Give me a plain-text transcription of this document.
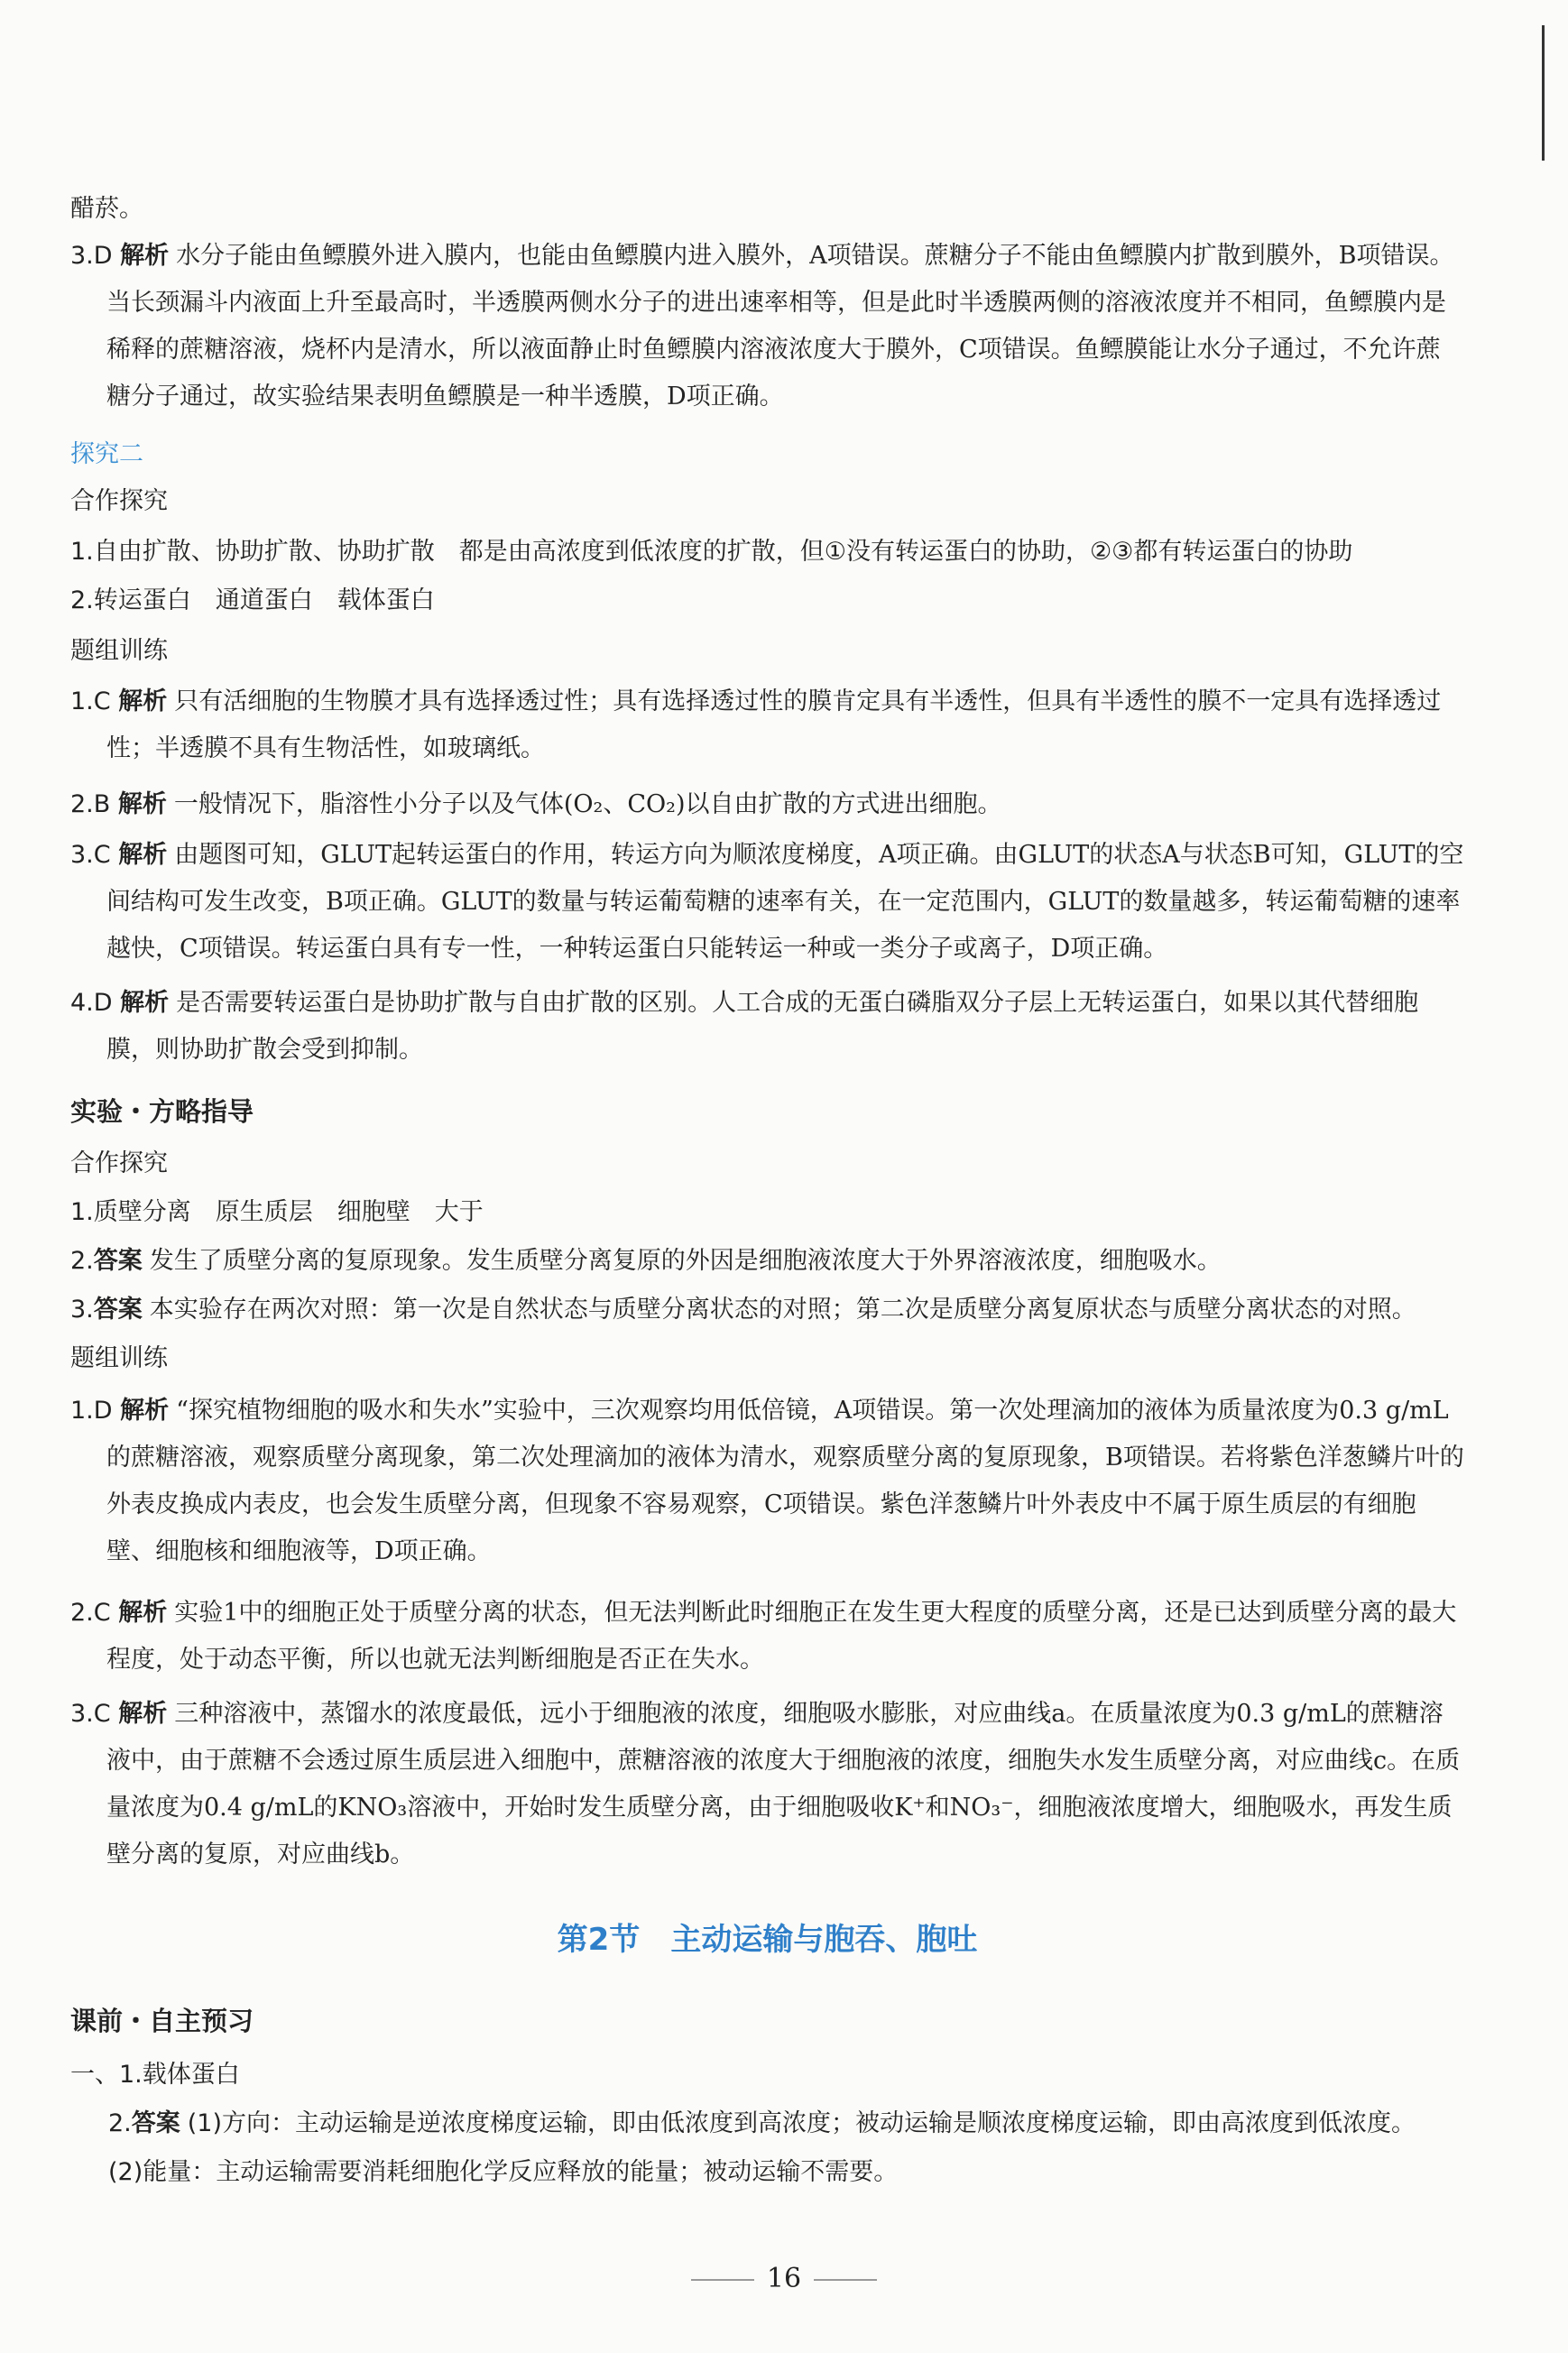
醋菸。
3.D 解析 水分子能由鱼鳔膜外进入膜内，也能由鱼鳔膜内进入膜外，A项错误。蔗糖分子不能由鱼鳔膜内扩散到膜外，B项错误。当长颈漏斗内液面上升至最高时，半透膜两侧水分子的进出速率相等，但是此时半透膜两侧的溶液浓度并不相同，鱼鳔膜内是稀释的蔗糖溶液，烧杯内是清水，所以液面静止时鱼鳔膜内溶液浓度大于膜外，C项错误。鱼鳔膜能让水分子通过，不允许蔗糖分子通过，故实验结果表明鱼鳔膜是一种半透膜，D项正确。
探究二
合作探究
1.自由扩散、协助扩散、协助扩散　都是由高浓度到低浓度的扩散，但①没有转运蛋白的协助，②③都有转运蛋白的协助
2.转运蛋白　通道蛋白　载体蛋白
题组训练
1.C 解析 只有活细胞的生物膜才具有选择透过性；具有选择透过性的膜肯定具有半透性，但具有半透性的膜不一定具有选择透过性；半透膜不具有生物活性，如玻璃纸。
2.B 解析 一般情况下，脂溶性小分子以及气体(O₂、CO₂)以自由扩散的方式进出细胞。
3.C 解析 由题图可知，GLUT起转运蛋白的作用，转运方向为顺浓度梯度，A项正确。由GLUT的状态A与状态B可知，GLUT的空间结构可发生改变，B项正确。GLUT的数量与转运葡萄糖的速率有关，在一定范围内，GLUT的数量越多，转运葡萄糖的速率越快，C项错误。转运蛋白具有专一性，一种转运蛋白只能转运一种或一类分子或离子，D项正确。
4.D 解析 是否需要转运蛋白是协助扩散与自由扩散的区别。人工合成的无蛋白磷脂双分子层上无转运蛋白，如果以其代替细胞膜，则协助扩散会受到抑制。
实验・方略指导
合作探究
1.质壁分离　原生质层　细胞壁　大于
2.答案 发生了质壁分离的复原现象。发生质壁分离复原的外因是细胞液浓度大于外界溶液浓度，细胞吸水。
3.答案 本实验存在两次对照：第一次是自然状态与质壁分离状态的对照；第二次是质壁分离复原状态与质壁分离状态的对照。
题组训练
1.D 解析 “探究植物细胞的吸水和失水”实验中，三次观察均用低倍镜，A项错误。第一次处理滴加的液体为质量浓度为0.3 g/mL的蔗糖溶液，观察质壁分离现象，第二次处理滴加的液体为清水，观察质壁分离的复原现象，B项错误。若将紫色洋葱鳞片叶的外表皮换成内表皮，也会发生质壁分离，但现象不容易观察，C项错误。紫色洋葱鳞片叶外表皮中不属于原生质层的有细胞壁、细胞核和细胞液等，D项正确。
2.C 解析 实验1中的细胞正处于质壁分离的状态，但无法判断此时细胞正在发生更大程度的质壁分离，还是已达到质壁分离的最大程度，处于动态平衡，所以也就无法判断细胞是否正在失水。
3.C 解析 三种溶液中，蒸馏水的浓度最低，远小于细胞液的浓度，细胞吸水膨胀，对应曲线a。在质量浓度为0.3 g/mL的蔗糖溶液中，由于蔗糖不会透过原生质层进入细胞中，蔗糖溶液的浓度大于细胞液的浓度，细胞失水发生质壁分离，对应曲线c。在质量浓度为0.4 g/mL的KNO₃溶液中，开始时发生质壁分离，由于细胞吸收K⁺和NO₃⁻，细胞液浓度增大，细胞吸水，再发生质壁分离的复原，对应曲线b。
第2节　主动运输与胞吞、胞吐
课前・自主预习
一、1.载体蛋白
2.答案 (1)方向：主动运输是逆浓度梯度运输，即由低浓度到高浓度；被动运输是顺浓度梯度运输，即由高浓度到低浓度。
(2)能量：主动运输需要消耗细胞化学反应释放的能量；被动运输不需要。
16
